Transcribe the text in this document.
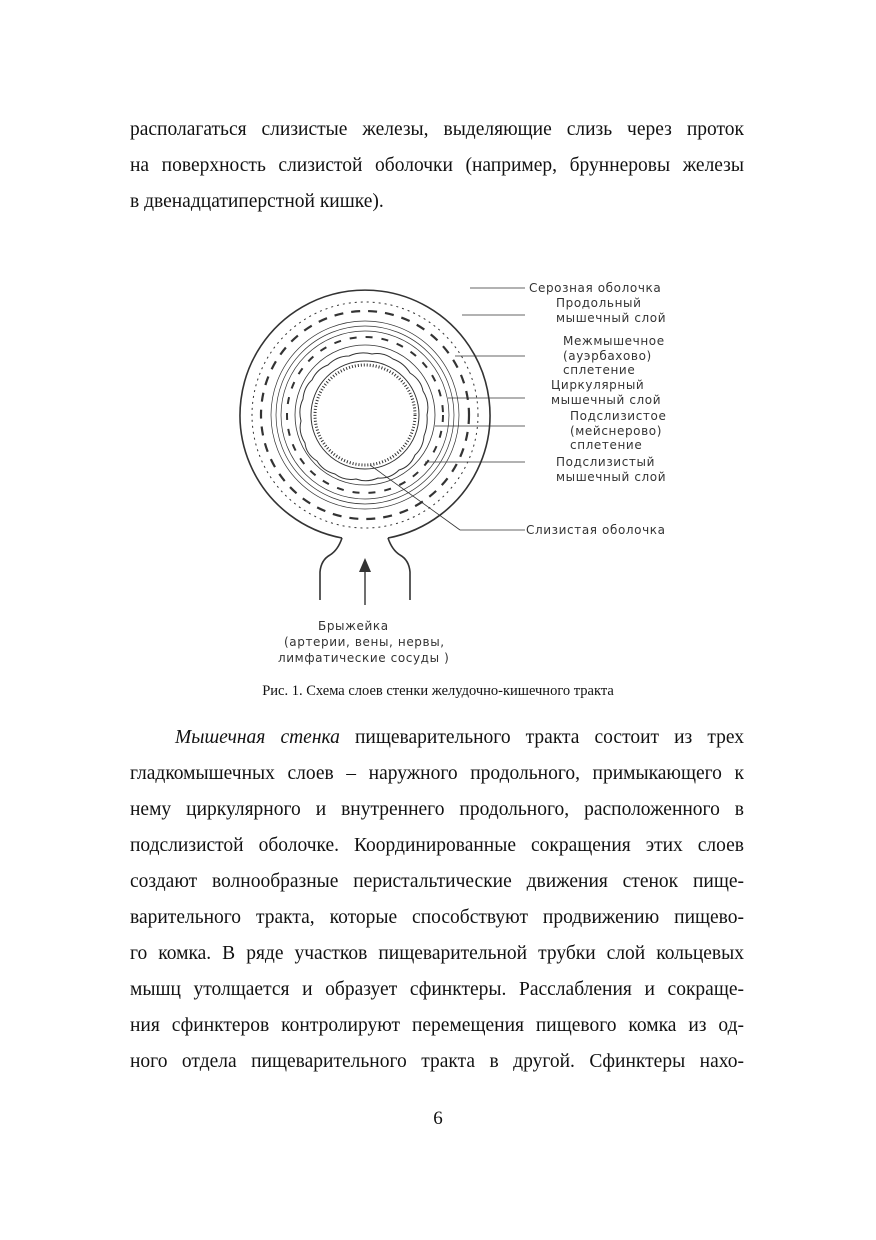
располагаться слизистые железы, выделяющие слизь через проток
на поверхность слизистой оболочки (например, бруннеровы железы
в двенадцатиперстной кишке).
Серозная оболочка
Продольный
мышечный слой
Межмышечное
(ауэрбахово)
сплетение
Циркулярный
мышечный слой
Подслизистое
(мейснерово)
сплетение
Подслизистый
мышечный слой
Слизистая оболочка
Брыжейка
(артерии, вены, нервы,
лимфатические сосуды )
Рис. 1. Схема слоев стенки желудочно-кишечного тракта
Мышечная стенка пищеварительного тракта состоит из трех
гладкомышечных слоев – наружного продольного, примыкающего к
нему циркулярного и внутреннего продольного, расположенного в
подслизистой оболочке. Координированные сокращения этих слоев
создают волнообразные перистальтические движения стенок пище-
варительного тракта, которые способствуют продвижению пищево-
го комка. В ряде участков пищеварительной трубки слой кольцевых
мышц утолщается и образует сфинктеры. Расслабления и сокраще-
ния сфинктеров контролируют перемещения пищевого комка из од-
ного отдела пищеварительного тракта в другой. Сфинктеры нахо-
6
